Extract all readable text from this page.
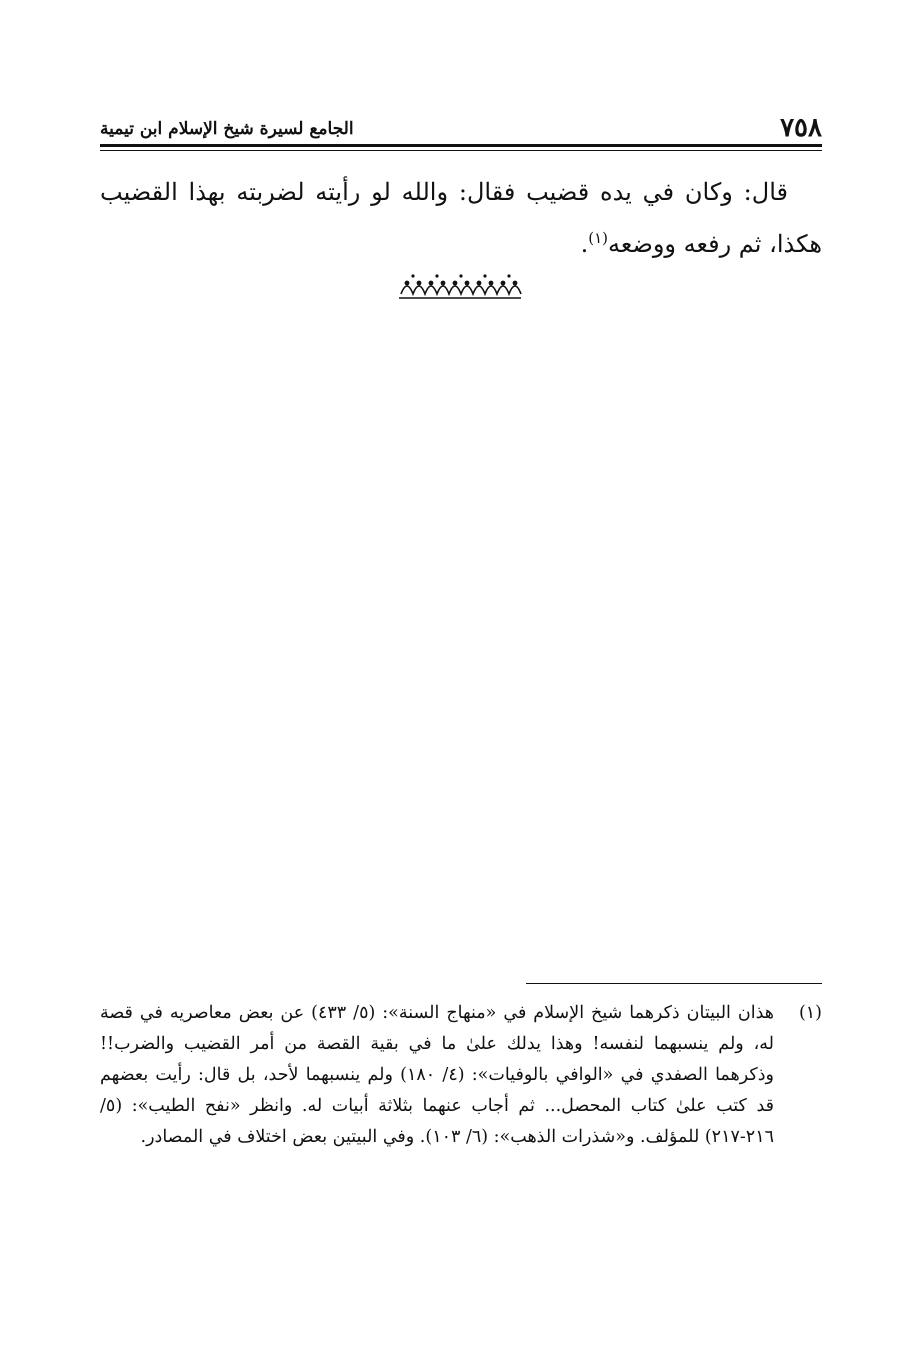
٧٥٨
الجامع لسيرة شيخ الإسلام ابن تيمية

قال: وكان في يده قضيب فقال: والله لو رأيته لضربته بهذا القضيب هكذا، ثم رفعه ووضعه$^{(١)}$.

(١)
هذان البيتان ذكرهما شيخ الإسلام في «منهاج السنة»: (٥/ ٤٣٣) عن بعض معاصريه في قصة له، ولم ينسبهما لنفسه! وهذا يدلك علىٰ ما في بقية القصة من أمر القضيب والضرب!! وذكرهما الصفدي في «الوافي بالوفيات»: (٤/ ١٨٠) ولم ينسبهما لأحد، بل قال: رأيت بعضهم قد كتب علىٰ كتاب المحصل... ثم أجاب عنهما بثلاثة أبيات له. وانظر «نفح الطيب»: (٥/ ٢١٦-٢١٧) للمؤلف. و«شذرات الذهب»: (٦/ ١٠٣). وفي البيتين بعض اختلاف في المصادر.
